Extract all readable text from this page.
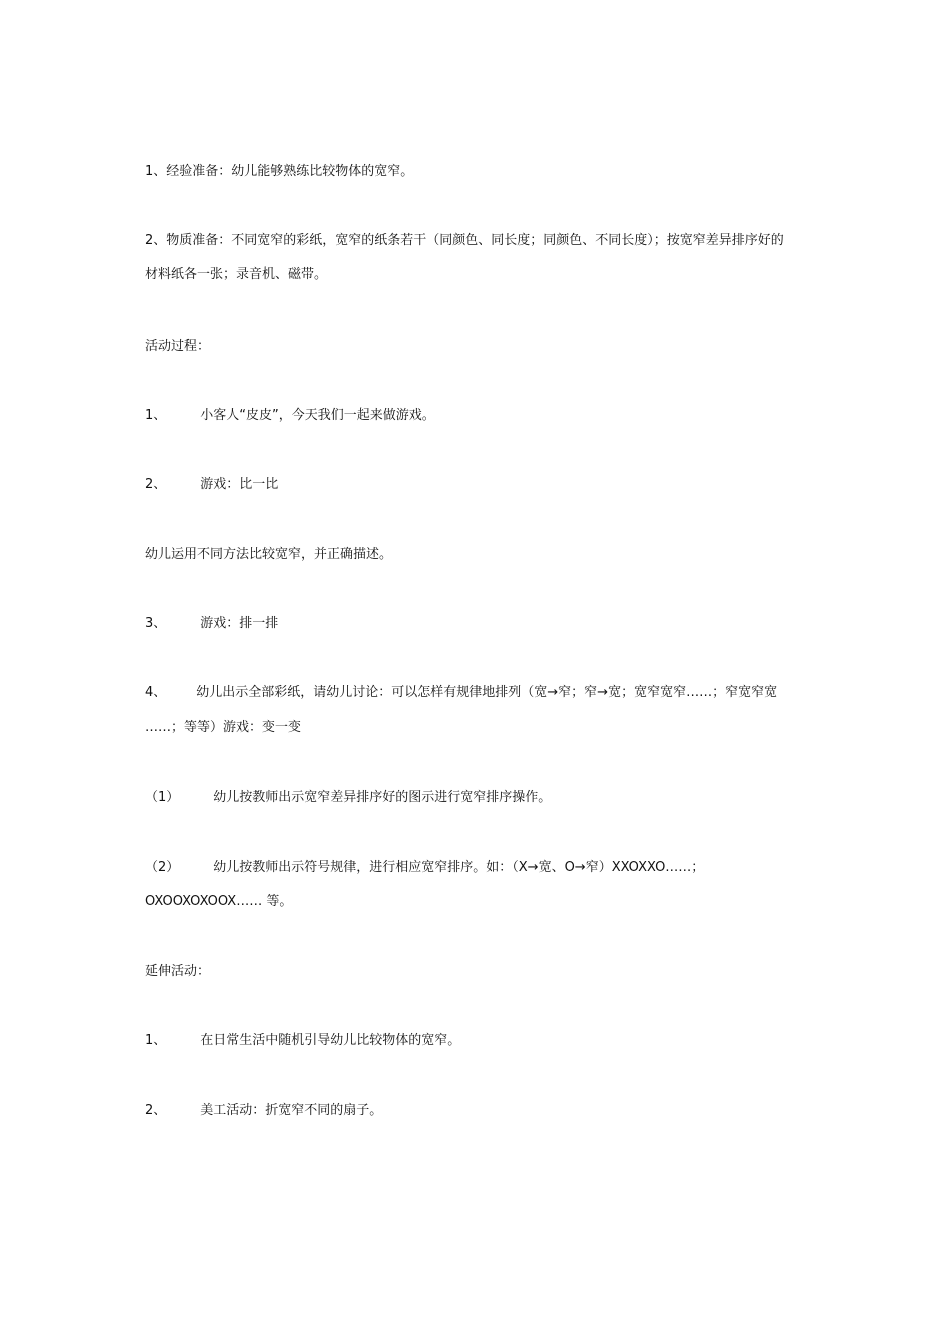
1、经验准备：幼儿能够熟练比较物体的宽窄。
2、物质准备：不同宽窄的彩纸，宽窄的纸条若干（同颜色、同长度；同颜色、不同长度）；按宽窄差异排序好的
材料纸各一张；录音机、磁带。
活动过程：
1、	小客人“皮皮”，今天我们一起来做游戏。
2、	游戏：比一比
幼儿运用不同方法比较宽窄，并正确描述。
3、	游戏：排一排
4、 幼儿出示全部彩纸，请幼儿讨论：可以怎样有规律地排列（宽→窄；窄→宽；宽窄宽窄……；窄宽窄宽
……；等等）游戏：变一变
（1）	幼儿按教师出示宽窄差异排序好的图示进行宽窄排序操作。
（2）	幼儿按教师出示符号规律，进行相应宽窄排序。如：（X→宽、O→窄）XXOXXO……；
OXOOXOXOOX…… 等。
延伸活动：
1、	在日常生活中随机引导幼儿比较物体的宽窄。
2、	美工活动：折宽窄不同的扇子。
